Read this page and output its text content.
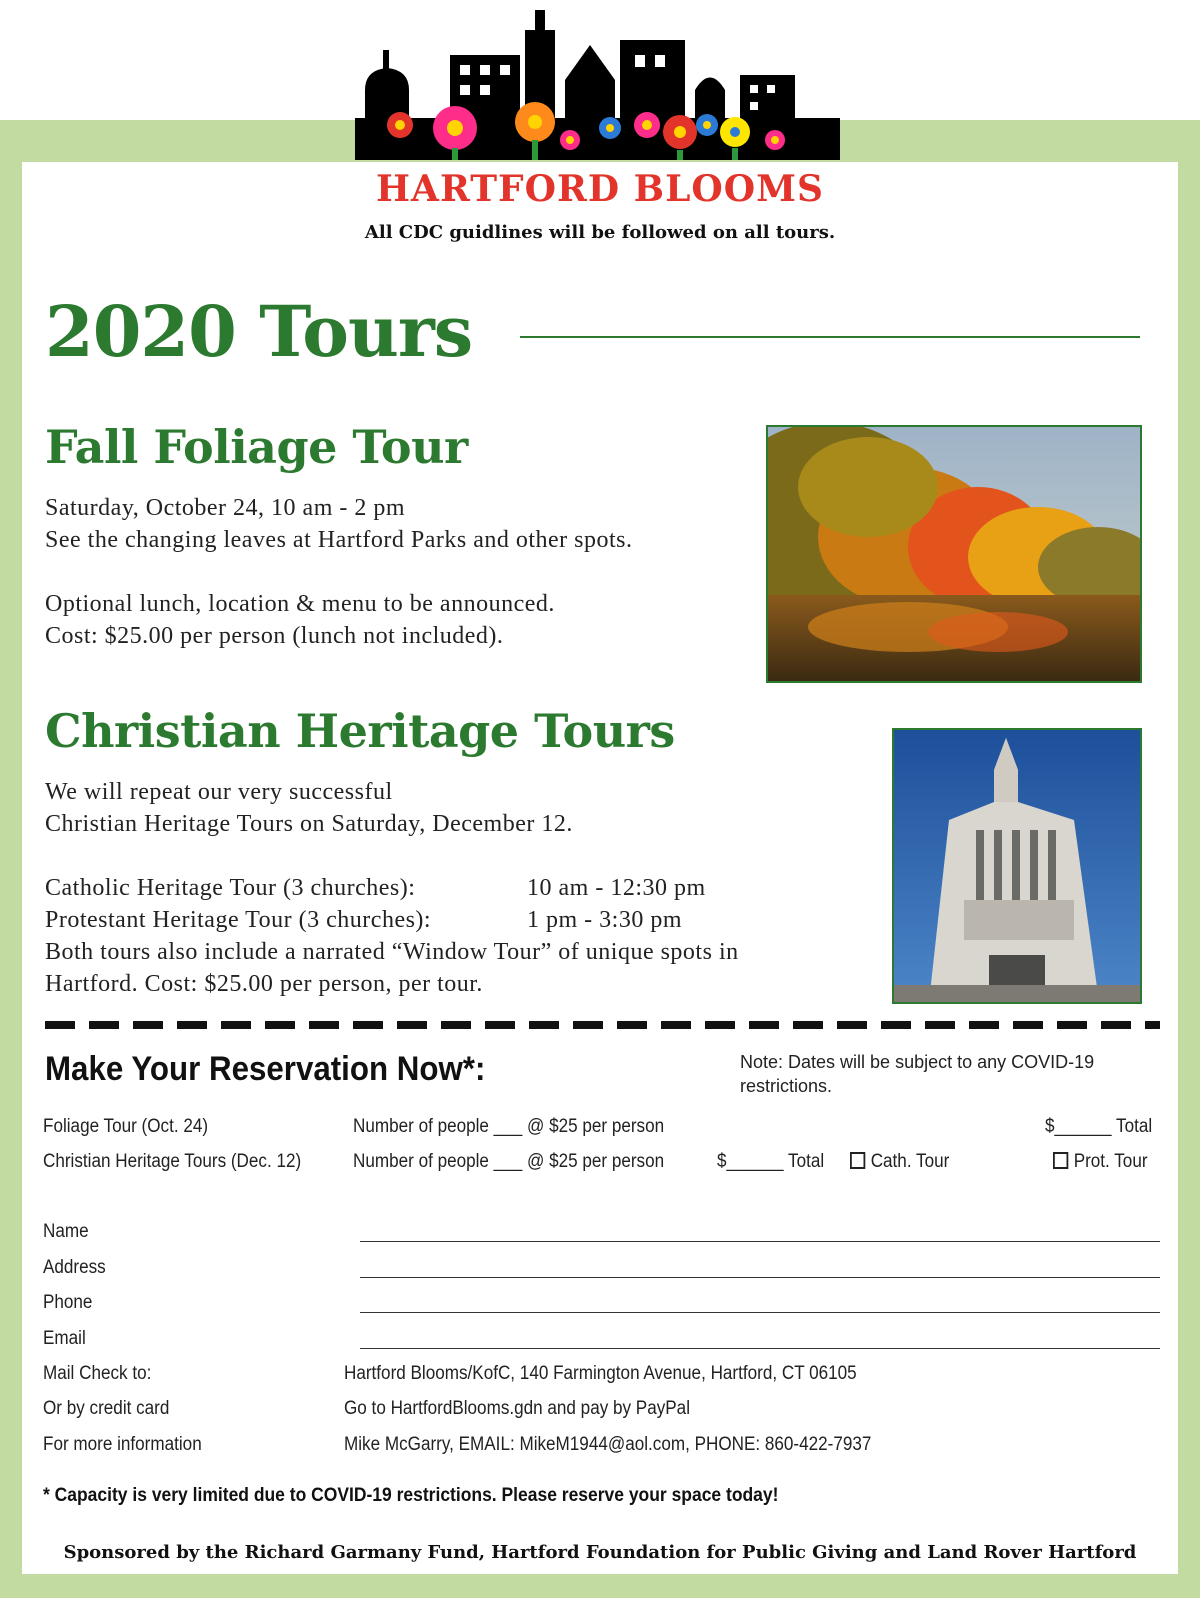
HARTFORD BLOOMS
All CDC guidlines will be followed on all tours.
2020 Tours
Fall Foliage Tour
Saturday, October 24, 10 am - 2 pm
See the changing leaves at Hartford Parks and other spots.
Optional lunch, location & menu to be announced.
Cost: $25.00 per person (lunch not included).
Christian Heritage Tours
We will repeat our very successful
Christian Heritage Tours on Saturday, December 12.
Catholic Heritage Tour (3 churches):	10 am - 12:30 pm
Protestant Heritage Tour (3 churches):	1 pm - 3:30 pm
Both tours also include a narrated “Window Tour” of unique spots in
Hartford. Cost: $25.00 per person, per tour.
Make Your Reservation Now*:	Note: Dates will be subject to any COVID-19 restrictions.
Foliage Tour (Oct. 24)	Number of people ___ @ $25 per person	$______ Total
Christian Heritage Tours (Dec. 12)	Number of people ___ @ $25 per person	$______ Total	Cath. Tour	Prot. Tour
Name
Address
Phone
Email
Mail Check to:	Hartford Blooms/KofC, 140 Farmington Avenue, Hartford, CT 06105
Or by credit card	Go to HartfordBlooms.gdn and pay by PayPal
For more information	Mike McGarry, EMAIL: MikeM1944@aol.com, PHONE: 860-422-7937
* Capacity is very limited due to COVID-19 restrictions. Please reserve your space today!
Sponsored by the Richard Garmany Fund, Hartford Foundation for Public Giving and Land Rover Hartford
